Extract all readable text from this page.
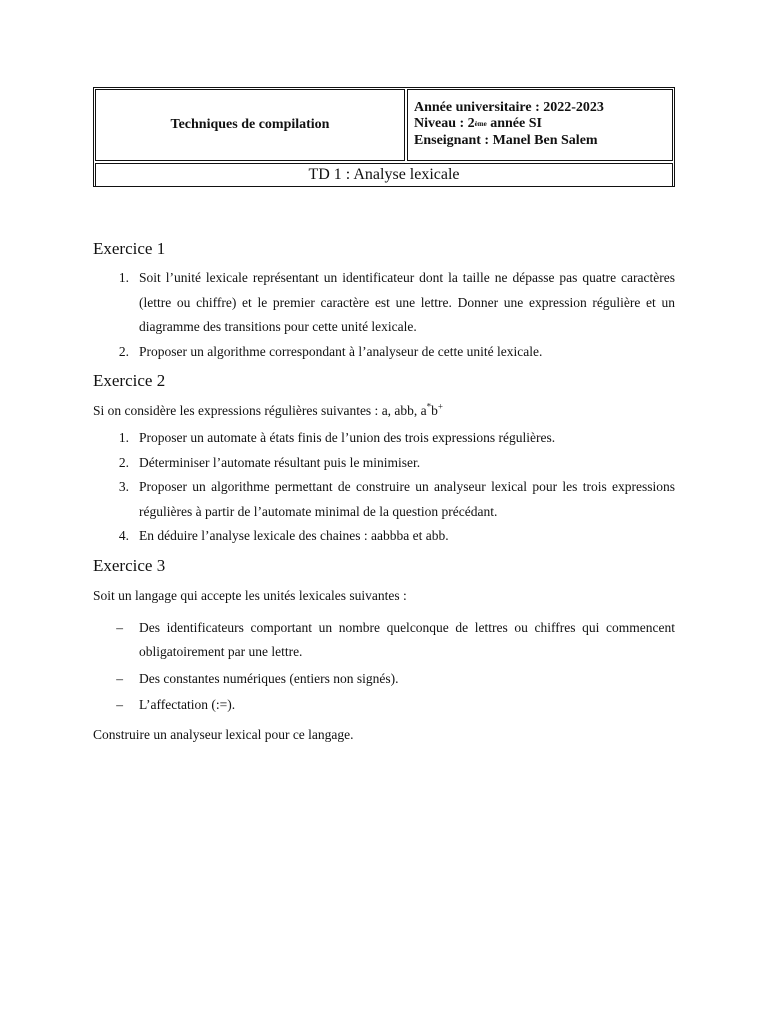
Techniques de compilation
Année universitaire : 2022-2023
Niveau : 2ème année SI
Enseignant : Manel Ben Salem
TD 1 : Analyse lexicale
Exercice 1
1. Soit l’unité lexicale représentant un identificateur dont la taille ne dépasse pas quatre caractères (lettre ou chiffre) et le premier caractère est une lettre. Donner une expression régulière et un diagramme des transitions pour cette unité lexicale.
2. Proposer un algorithme correspondant à l’analyseur de cette unité lexicale.
Exercice 2

Si on considère les expressions régulières suivantes : a, abb, a*b+

1. Proposer un automate à états finis de l’union des trois expressions régulières.
2. Déterminiser l’automate résultant puis le minimiser.
3. Proposer un algorithme permettant de construire un analyseur lexical pour les trois expressions régulières à partir de l’automate minimal de la question précédant.
4. En déduire l’analyse lexicale des chaines : aabbba et abb.
Exercice 3

Soit un langage qui accepte les unités lexicales suivantes :

–	Des identificateurs comportant un nombre quelconque de lettres ou chiffres qui commencent obligatoirement par une lettre.
–	Des constantes numériques (entiers non signés).
–	L’affectation (:=).

Construire un analyseur lexical pour ce langage.
